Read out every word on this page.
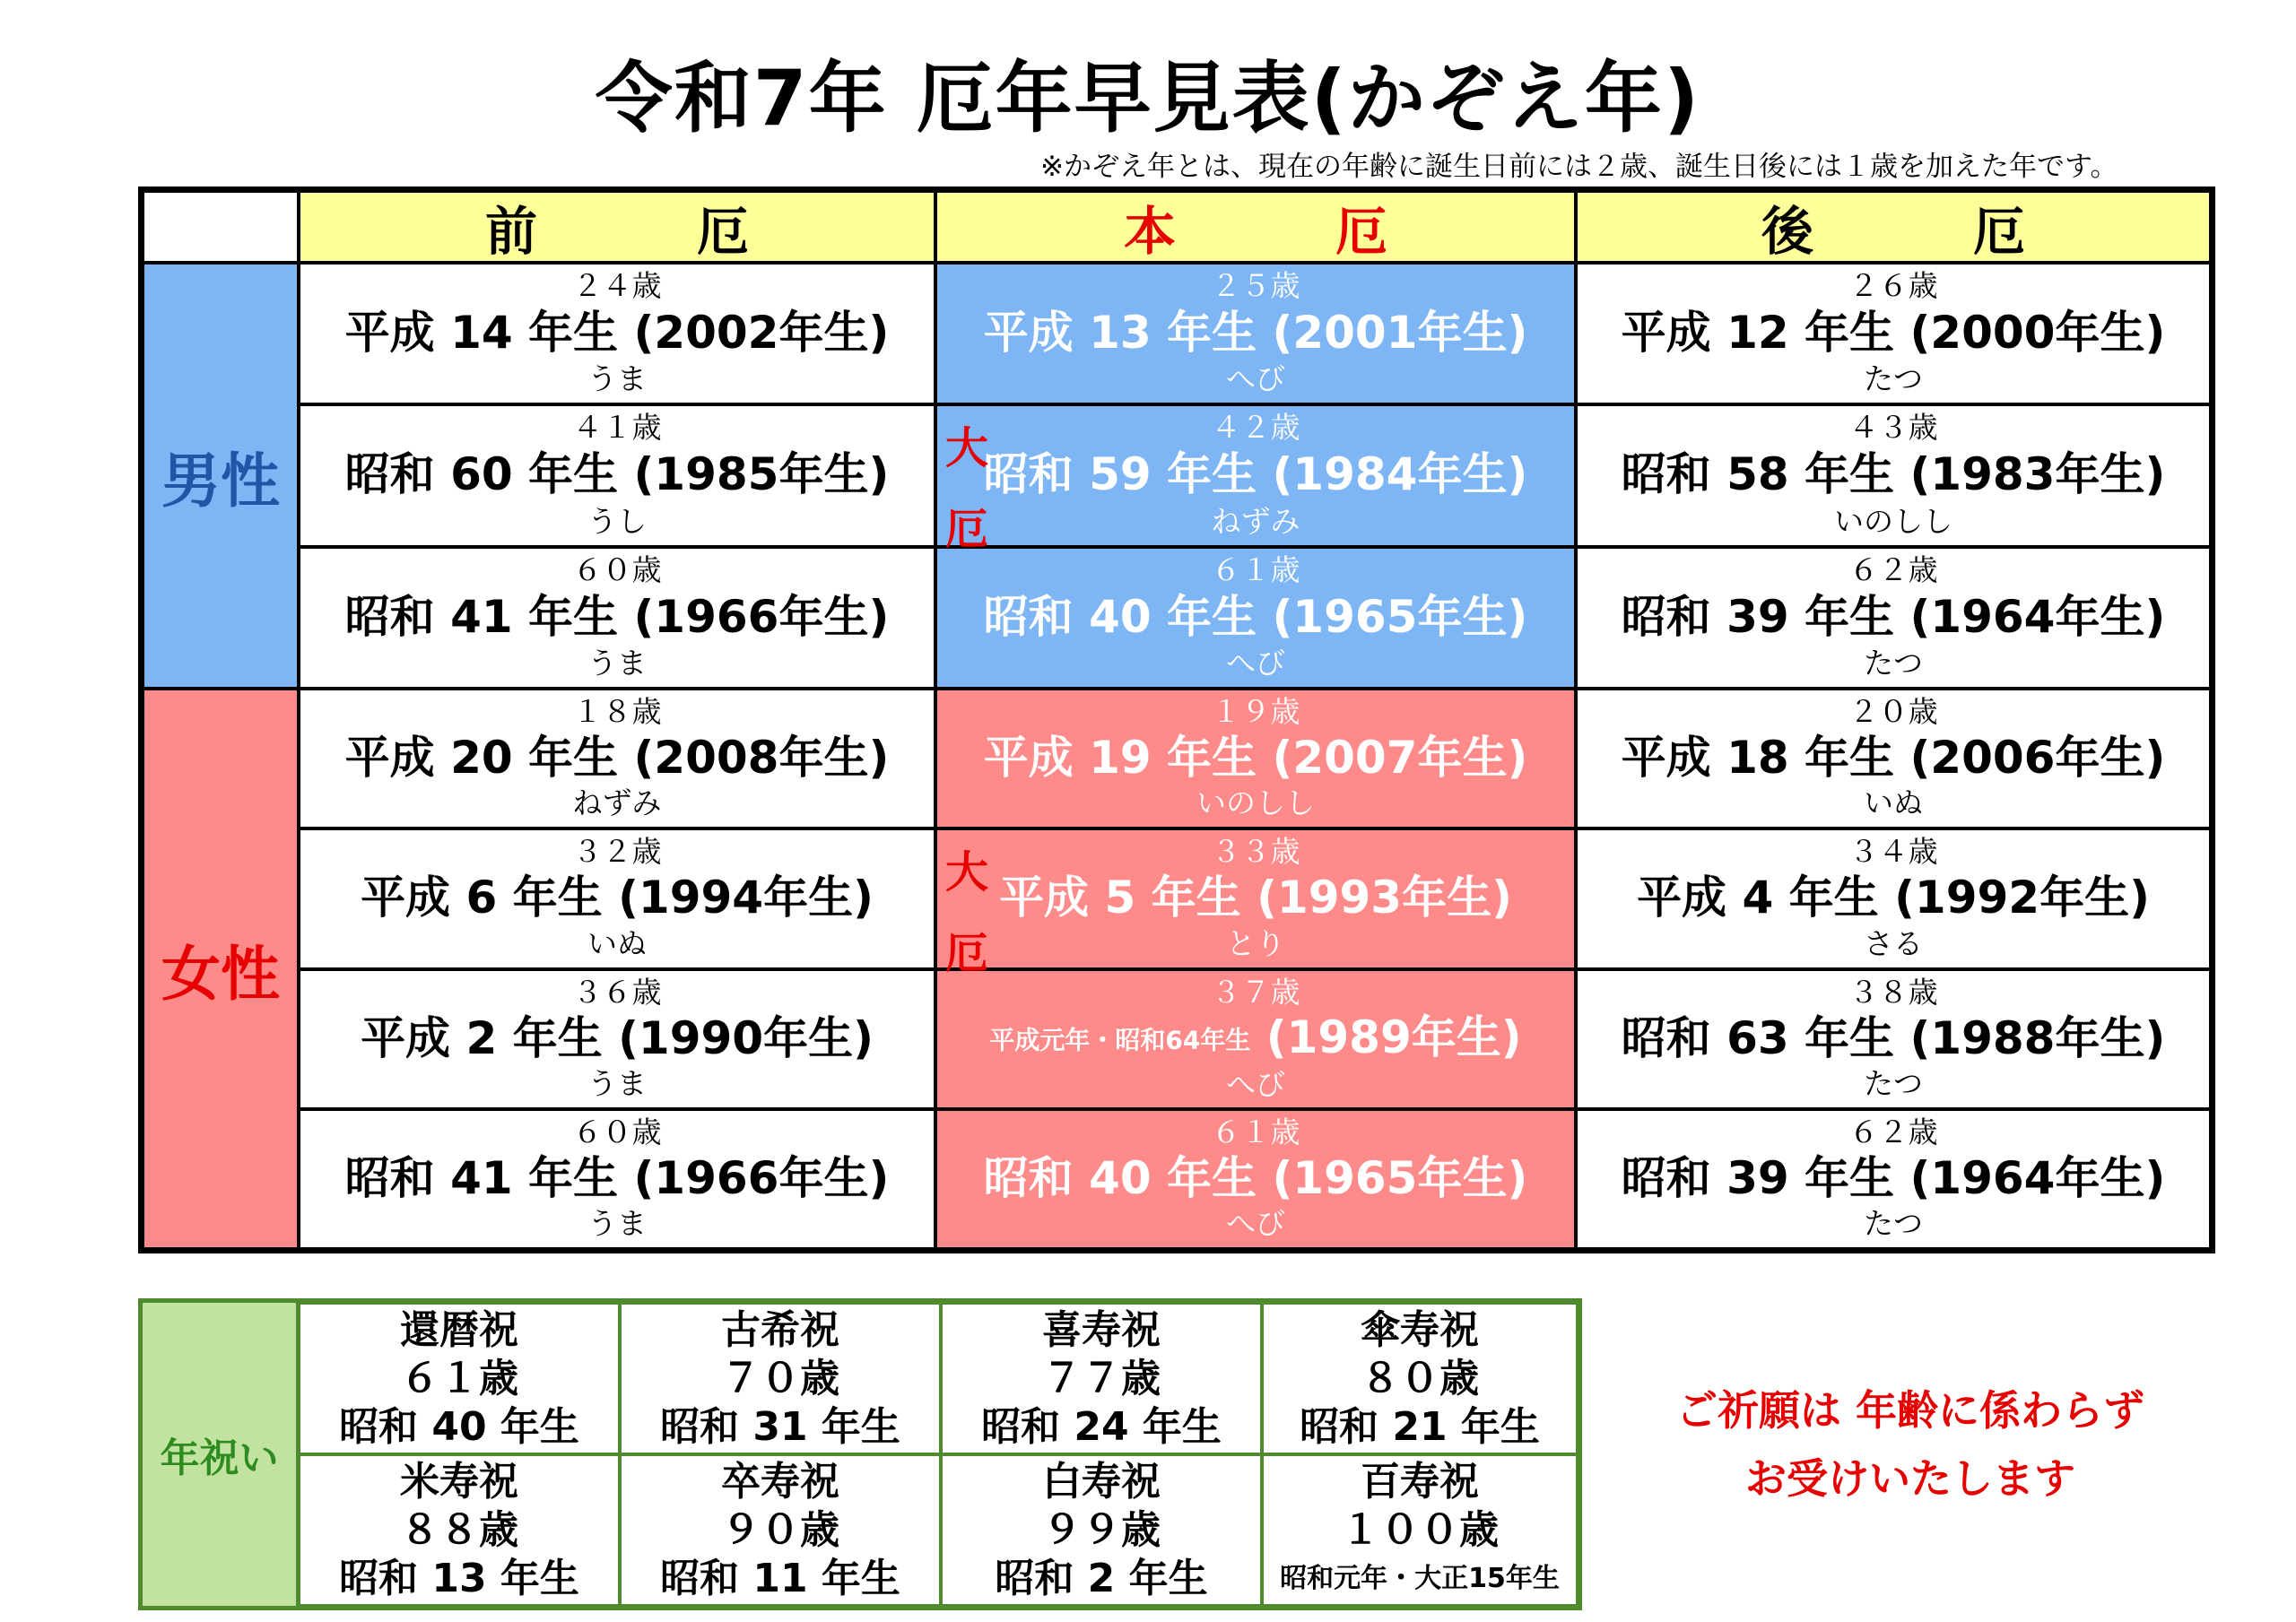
令和7年 厄年早見表(かぞえ年)
※かぞえ年とは、現在の年齢に誕生日前には２歳、誕生日後には１歳を加えた年です。
前　厄	本　厄	後　厄
男性
女性
２４歳
平成 14 年生 (2002年生)
うま
２５歳
平成 13 年生 (2001年生)
へび
２６歳
平成 12 年生 (2000年生)
たつ
４１歳
昭和 60 年生 (1985年生)
うし
４２歳
昭和 59 年生 (1984年生)
ねずみ
４３歳
昭和 58 年生 (1983年生)
いのしし
６０歳
昭和 41 年生 (1966年生)
うま
６１歳
昭和 40 年生 (1965年生)
へび
６２歳
昭和 39 年生 (1964年生)
たつ
１８歳
平成 20 年生 (2008年生)
ねずみ
１９歳
平成 19 年生 (2007年生)
いのしし
２０歳
平成 18 年生 (2006年生)
いぬ
３２歳
平成 6 年生 (1994年生)
いぬ
３３歳
平成 5 年生 (1993年生)
とり
３４歳
平成 4 年生 (1992年生)
さる
３６歳
平成 2 年生 (1990年生)
うま
３７歳
平成元年・昭和64年生 (1989年生)
へび
３８歳
昭和 63 年生 (1988年生)
たつ
６０歳
昭和 41 年生 (1966年生)
うま
６１歳
昭和 40 年生 (1965年生)
へび
６２歳
昭和 39 年生 (1964年生)
たつ
大
厄
大
厄
年祝い
還暦祝
６１歳
昭和 40 年生
古希祝
７０歳
昭和 31 年生
喜寿祝
７７歳
昭和 24 年生
傘寿祝
８０歳
昭和 21 年生
米寿祝
８８歳
昭和 13 年生
卒寿祝
９０歳
昭和 11 年生
白寿祝
９９歳
昭和 2 年生
百寿祝
１００歳
昭和元年・大正15年生
ご祈願は 年齢に係わらず
お受けいたします
